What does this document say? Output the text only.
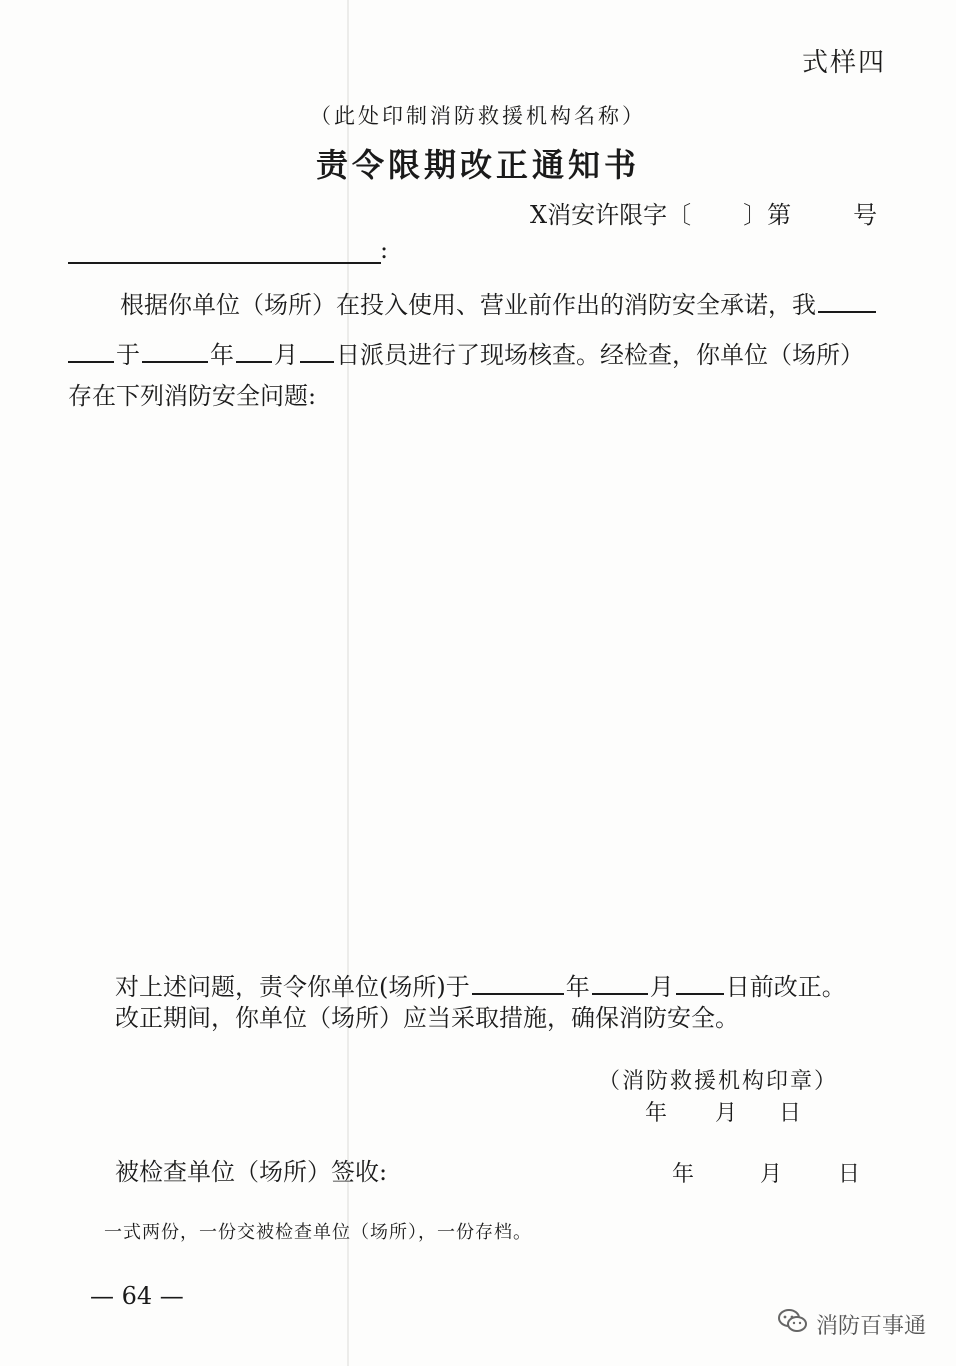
式样四
（此处印制消防救援机构名称）
责令限期改正通知书
X消安许限字〔 〕第	号
:
根据你单位（场所）在投入使用、营业前作出的消防安全承诺，我
于	年 月 日派员进行了现场核查。经检查，你单位（场所）
存在下列消防安全问题:
对上述问题，责令你单位(场所)于	年	月 日前改正。
改正期间，你单位（场所）应当采取措施，确保消防安全。
（消防救援机构印章）
年 月 日
被检查单位（场所）签收:	年	月	日
一式两份，一份交被检查单位（场所），一份存档。
— 64 —
消防百事通
